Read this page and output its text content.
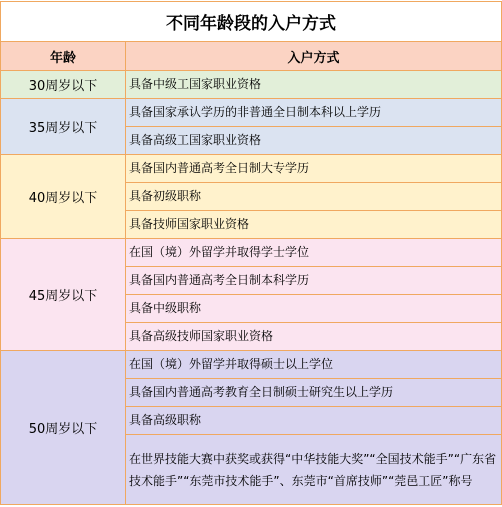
不同年龄段的入户方式	
年龄	入户方式
30周岁以下	具备中级工国家职业资格
35周岁以下	具备国家承认学历的非普通全日制本科以上学历
	具备高级工国家职业资格
40周岁以下	具备国内普通高考全日制大专学历
	具备初级职称
	具备技师国家职业资格
45周岁以下	在国（境）外留学并取得学士学位
	具备国内普通高考全日制本科学历
	具备中级职称
	具备高级技师国家职业资格
50周岁以下	在国（境）外留学并取得硕士以上学位
	具备国内普通高考教育全日制硕士研究生以上学历
	具备高级职称
	在世界技能大赛中获奖或获得“中华技能大奖”“全国技术能手”“广东省技术能手”“东莞市技术能手”、东莞市“首席技师”“莞邑工匠”称号
